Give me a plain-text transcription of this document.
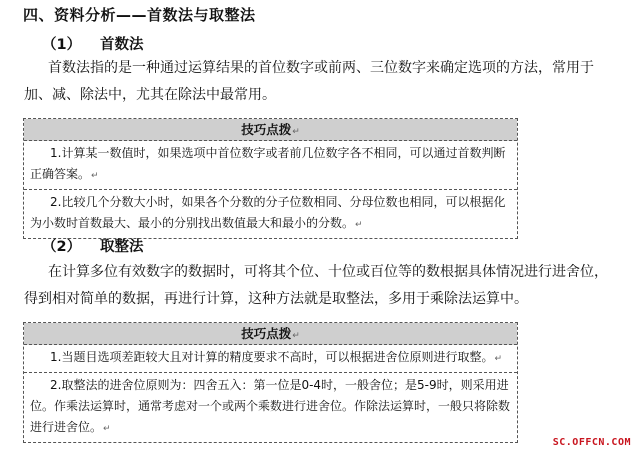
四、资料分析——首数法与取整法
（1） 首数法
首数法指的是一种通过运算结果的首位数字或前两、三位数字来确定选项的方法，常用于加、减、除法中，尤其在除法中最常用。
技巧点拨↵
1.计算某一数值时，如果选项中首位数字或者前几位数字各不相同，可以通过首数判断正确答案。↵
2.比较几个分数大小时，如果各个分数的分子位数相同、分母位数也相同，可以根据化为小数时首数最大、最小的分别找出数值最大和最小的分数。↵
（2） 取整法
在计算多位有效数字的数据时，可将其个位、十位或百位等的数根据具体情况进行进舍位，得到相对简单的数据，再进行计算，这种方法就是取整法，多用于乘除法运算中。
技巧点拨↵
1.当题目选项差距较大且对计算的精度要求不高时，可以根据进舍位原则进行取整。↵
2.取整法的进舍位原则为：四舍五入：第一位是0-4时，一般舍位；是5-9时，则采用进位。作乘法运算时，通常考虑对一个或两个乘数进行进舍位。作除法运算时，一般只将除数进行进舍位。↵
SC.OFFCN.COM
